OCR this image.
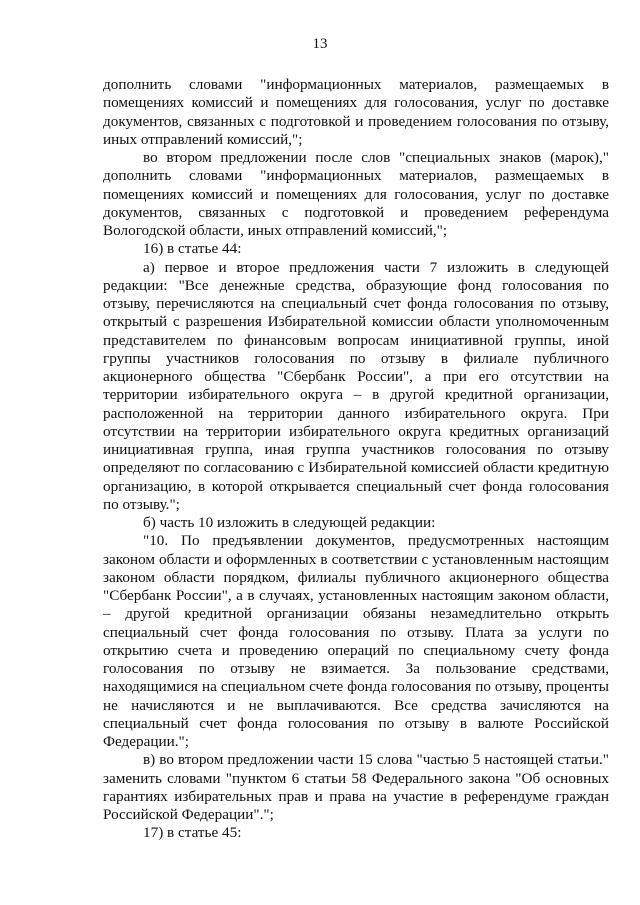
13

дополнить словами "информационных материалов, размещаемых в помещениях комиссий и помещениях для голосования, услуг по доставке документов, связанных с подготовкой и проведением голосования по отзыву, иных отправлений комиссий,";

во втором предложении после слов "специальных знаков (марок)," дополнить словами "информационных материалов, размещаемых в помещениях комиссий и помещениях для голосования, услуг по доставке документов, связанных с подготовкой и проведением референдума Вологодской области, иных отправлений комиссий,";

16) в статье 44:

а) первое и второе предложения части 7 изложить в следующей редакции: "Все денежные средства, образующие фонд голосования по отзыву, перечисляются на специальный счет фонда голосования по отзыву, открытый с разрешения Избирательной комиссии области уполномоченным представителем по финансовым вопросам инициативной группы, иной группы участников голосования по отзыву в филиале публичного акционерного общества "Сбербанк России", а при его отсутствии на территории избирательного округа – в другой кредитной организации, расположенной на территории данного избирательного округа. При отсутствии на территории избирательного округа кредитных организаций инициативная группа, иная группа участников голосования по отзыву определяют по согласованию с Избирательной комиссией области кредитную организацию, в которой открывается специальный счет фонда голосования по отзыву.";

б) часть 10 изложить в следующей редакции:

"10. По предъявлении документов, предусмотренных настоящим законом области и оформленных в соответствии с установленным настоящим законом области порядком, филиалы публичного акционерного общества "Сбербанк России", а в случаях, установленных настоящим законом области, – другой кредитной организации обязаны незамедлительно открыть специальный счет фонда голосования по отзыву. Плата за услуги по открытию счета и проведению операций по специальному счету фонда голосования по отзыву не взимается. За пользование средствами, находящимися на специальном счете фонда голосования по отзыву, проценты не начисляются и не выплачиваются. Все средства зачисляются на специальный счет фонда голосования по отзыву в валюте Российской Федерации.";

в) во втором предложении части 15 слова "частью 5 настоящей статьи." заменить словами "пунктом 6 статьи 58 Федерального закона "Об основных гарантиях избирательных прав и права на участие в референдуме граждан Российской Федерации".";

17) в статье 45:
